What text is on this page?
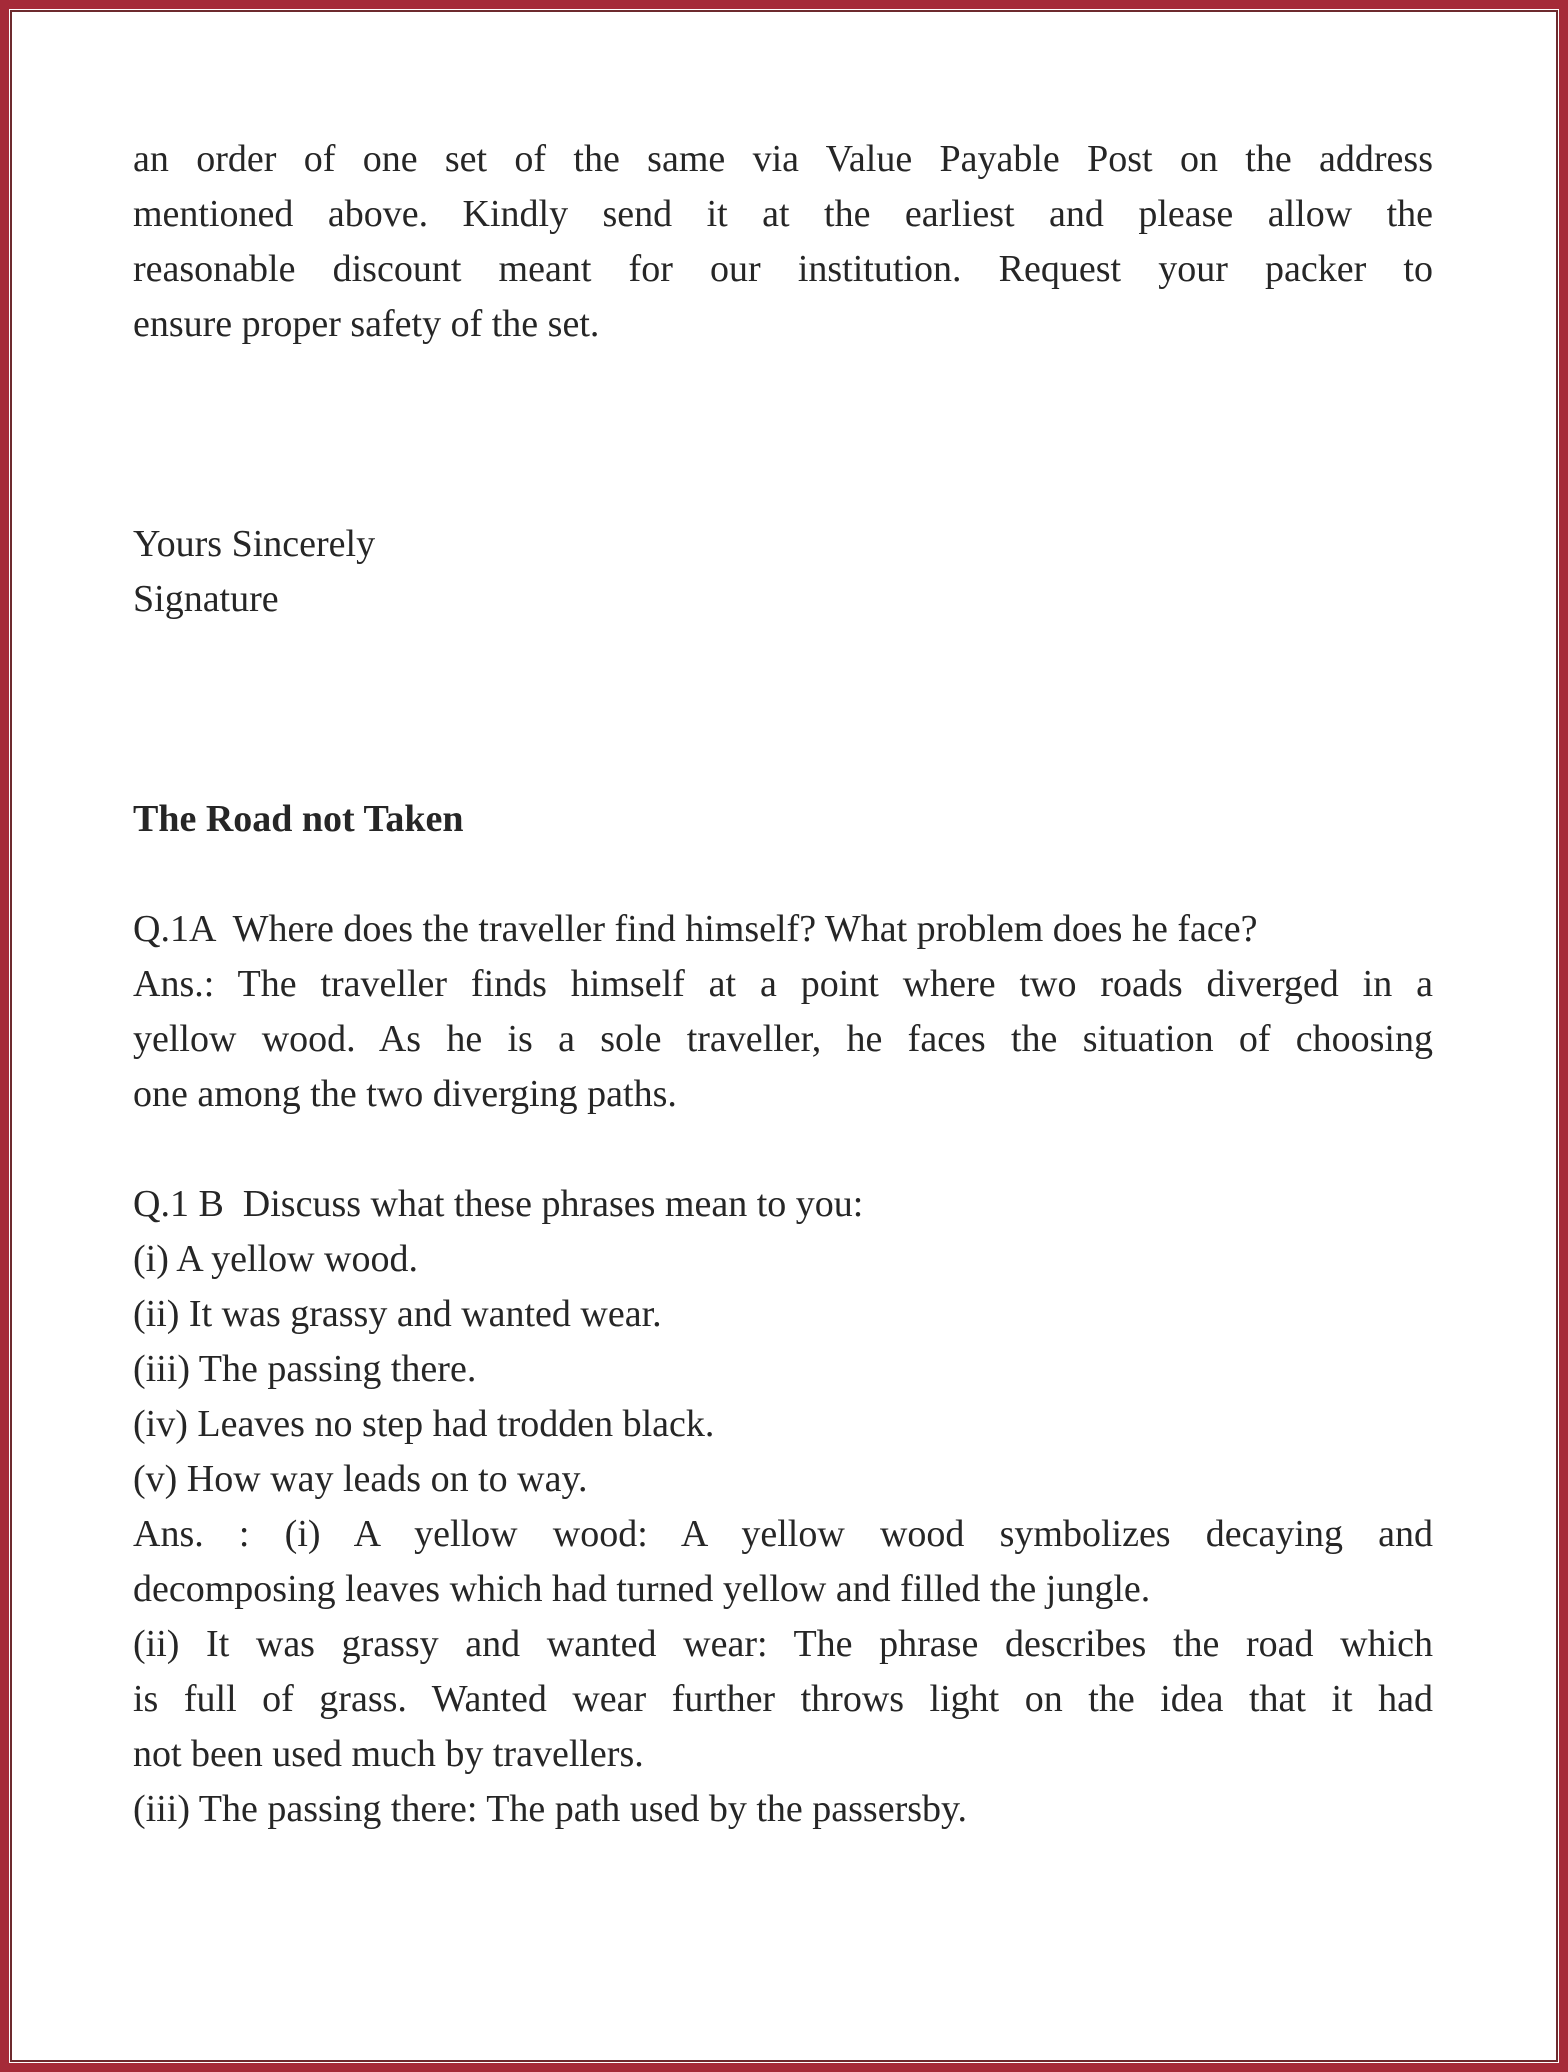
an order of one set of the same via Value Payable Post on the address
mentioned above. Kindly send it at the earliest and please allow the
reasonable discount meant for our institution. Request your packer to
ensure proper safety of the set.
Yours Sincerely
Signature
The Road not Taken
Q.1A  Where does the traveller find himself? What problem does he face?
Ans.: The traveller finds himself at a point where two roads diverged in a
yellow wood. As he is a sole traveller, he faces the situation of choosing
one among the two diverging paths.
Q.1 B  Discuss what these phrases mean to you:
(i) A yellow wood.
(ii) It was grassy and wanted wear.
(iii) The passing there.
(iv) Leaves no step had trodden black.
(v) How way leads on to way.
Ans. : (i) A yellow wood: A yellow wood symbolizes decaying and
decomposing leaves which had turned yellow and filled the jungle.
(ii) It was grassy and wanted wear: The phrase describes the road which
is full of grass. Wanted wear further throws light on the idea that it had
not been used much by travellers.
(iii) The passing there: The path used by the passersby.
